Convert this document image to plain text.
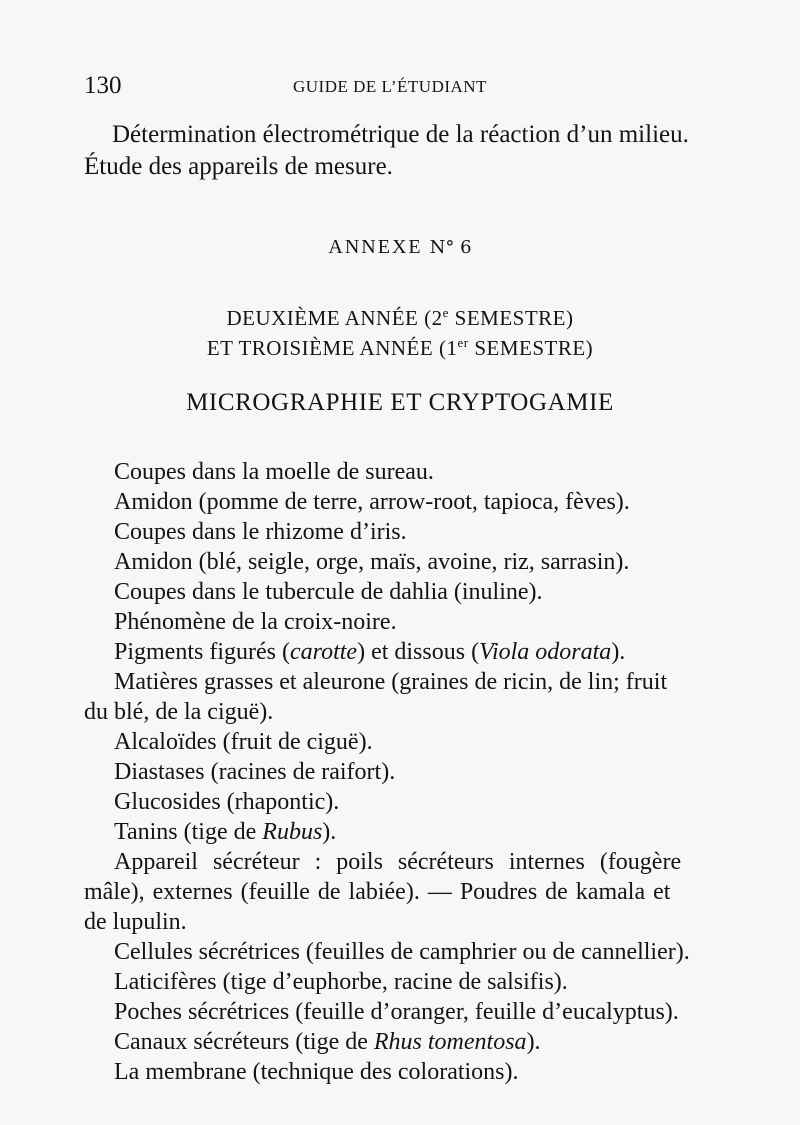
130	GUIDE DE L’ÉTUDIANT
Détermination électrométrique de la réaction d’un milieu.
Étude des appareils de mesure.
ANNEXE N° 6
DEUXIÈME ANNÉE (2e SEMESTRE)
ET TROISIÈME ANNÉE (1er SEMESTRE)
MICROGRAPHIE ET CRYPTOGAMIE
Coupes dans la moelle de sureau.
Amidon (pomme de terre, arrow-root, tapioca, fèves).
Coupes dans le rhizome d’iris.
Amidon (blé, seigle, orge, maïs, avoine, riz, sarrasin).
Coupes dans le tubercule de dahlia (inuline).
Phénomène de la croix-noire.
Pigments figurés (carotte) et dissous (Viola odorata).
Matières grasses et aleurone (graines de ricin, de lin; fruit
du blé, de la ciguë).
Alcaloïdes (fruit de ciguë).
Diastases (racines de raifort).
Glucosides (rhapontic).
Tanins (tige de Rubus).
Appareil sécréteur : poils sécréteurs internes (fougère
mâle), externes (feuille de labiée). — Poudres de kamala et
de lupulin.
Cellules sécrétrices (feuilles de camphrier ou de cannellier).
Laticifères (tige d’euphorbe, racine de salsifis).
Poches sécrétrices (feuille d’oranger, feuille d’eucalyptus).
Canaux sécréteurs (tige de Rhus tomentosa).
La membrane (technique des colorations).
